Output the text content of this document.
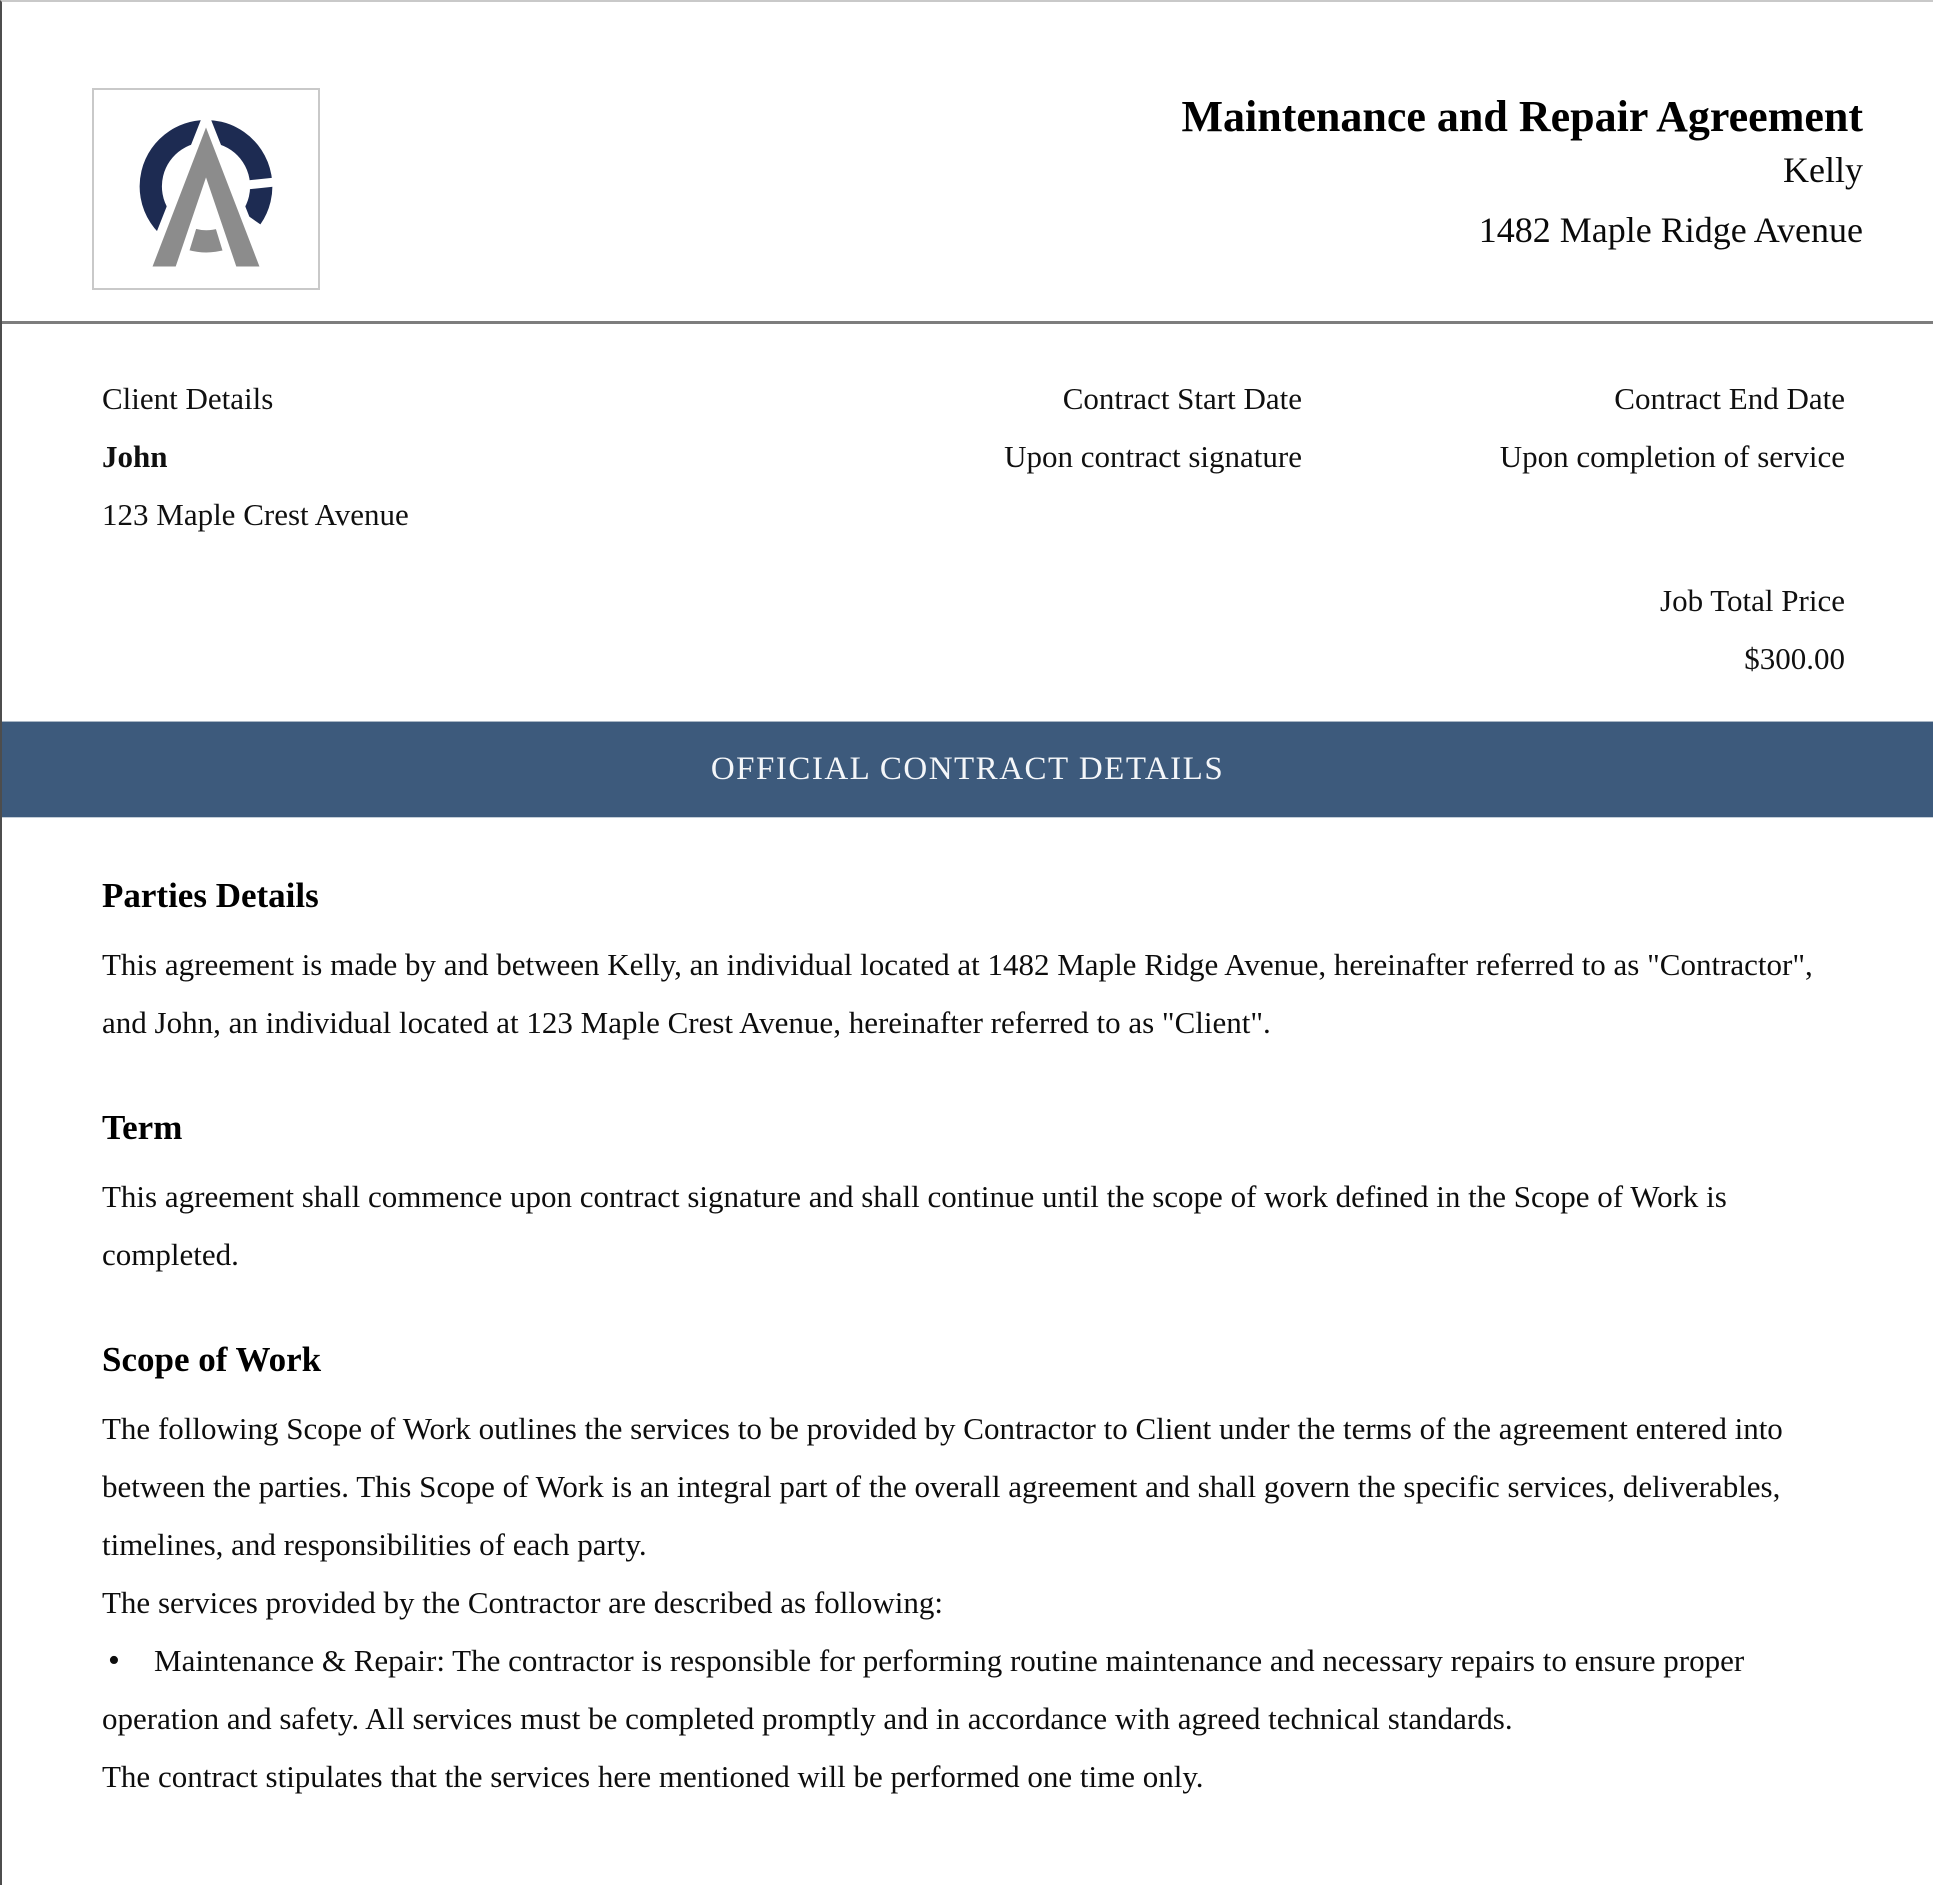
Maintenance and Repair Agreement
Kelly
1482 Maple Ridge Avenue
Client Details
John
123 Maple Crest Avenue
Contract Start Date
Upon contract signature
Contract End Date
Upon completion of service
Job Total Price
$300.00
OFFICIAL CONTRACT DETAILS
Parties Details

This agreement is made by and between Kelly, an individual located at 1482 Maple Ridge Avenue, hereinafter referred to as "Contractor", and John, an individual located at 123 Maple Crest Avenue, hereinafter referred to as "Client".

Term

This agreement shall commence upon contract signature and shall continue until the scope of work defined in the Scope of Work is completed.

Scope of Work

The following Scope of Work outlines the services to be provided by Contractor to Client under the terms of the agreement entered into between the parties. This Scope of Work is an integral part of the overall agreement and shall govern the specific services, deliverables, timelines, and responsibilities of each party.

The services provided by the Contractor are described as following:

•Maintenance & Repair: The contractor is responsible for performing routine maintenance and necessary repairs to ensure proper operation and safety. All services must be completed promptly and in accordance with agreed technical standards.

The contract stipulates that the services here mentioned will be performed one time only.
